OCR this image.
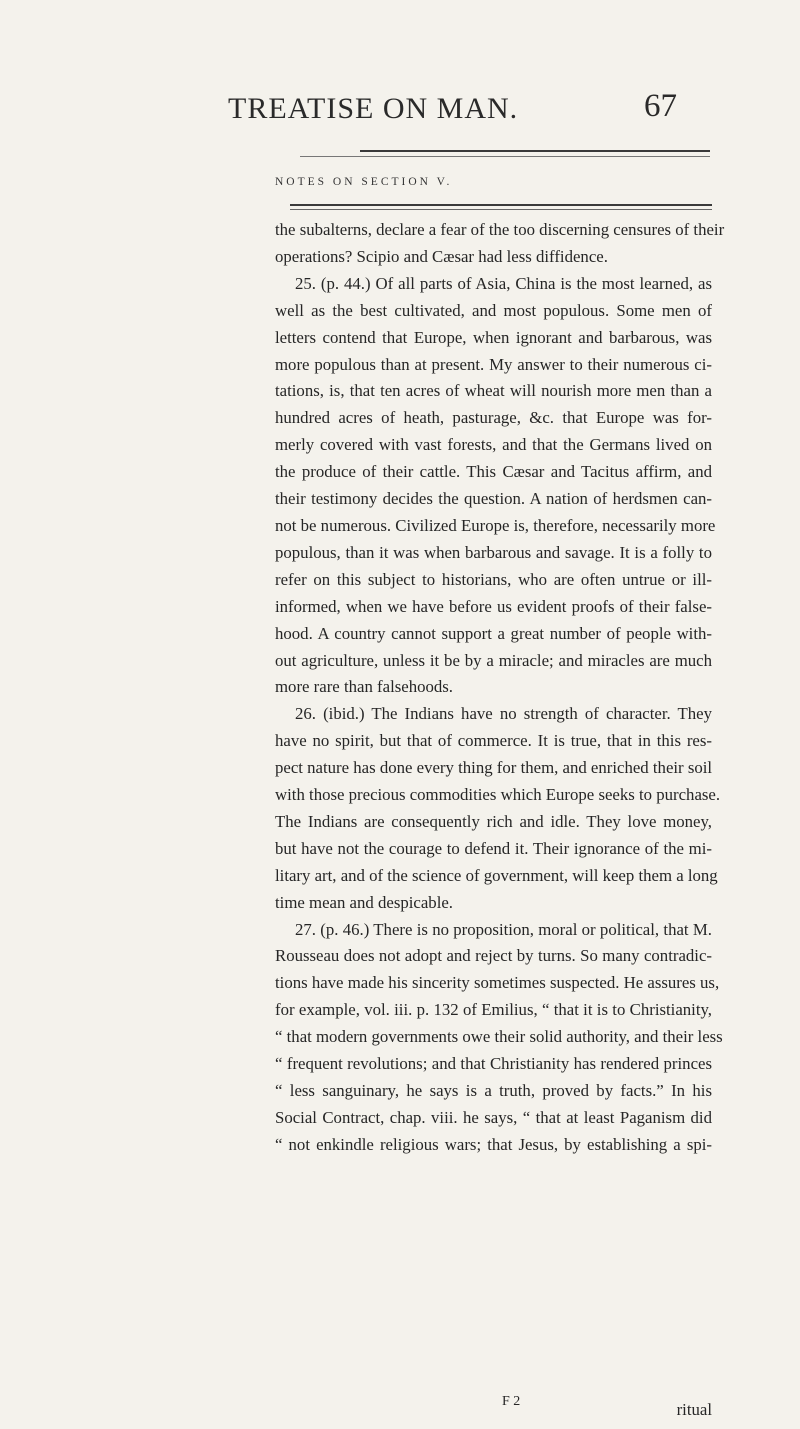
TREATISE ON MAN.	67
NOTES ON SECTION V.
the subalterns, declare a fear of the too discerning censures of their
operations? Scipio and Cæsar had less diffidence.
25. (p. 44.) Of all parts of Asia, China is the most learned, as
well as the best cultivated, and most populous. Some men of
letters contend that Europe, when ignorant and barbarous, was
more populous than at present. My answer to their numerous ci-
tations, is, that ten acres of wheat will nourish more men than a
hundred acres of heath, pasturage, &c. that Europe was for-
merly covered with vast forests, and that the Germans lived on
the produce of their cattle. This Cæsar and Tacitus affirm, and
their testimony decides the question. A nation of herdsmen can-
not be numerous. Civilized Europe is, therefore, necessarily more
populous, than it was when barbarous and savage. It is a folly to
refer on this subject to historians, who are often untrue or ill-
informed, when we have before us evident proofs of their false-
hood. A country cannot support a great number of people with-
out agriculture, unless it be by a miracle; and miracles are much
more rare than falsehoods.
26. (ibid.) The Indians have no strength of character. They
have no spirit, but that of commerce. It is true, that in this res-
pect nature has done every thing for them, and enriched their soil
with those precious commodities which Europe seeks to purchase.
The Indians are consequently rich and idle. They love money,
but have not the courage to defend it. Their ignorance of the mi-
litary art, and of the science of government, will keep them a long
time mean and despicable.
27. (p. 46.) There is no proposition, moral or political, that M.
Rousseau does not adopt and reject by turns. So many contradic-
tions have made his sincerity sometimes suspected. He assures us,
for example, vol. iii. p. 132 of Emilius, “ that it is to Christianity,
“ that modern governments owe their solid authority, and their less
“ frequent revolutions; and that Christianity has rendered princes
“ less sanguinary, he says is a truth, proved by facts.” In his
Social Contract, chap. viii. he says, “ that at least Paganism did
“ not enkindle religious wars; that Jesus, by establishing a spi-
F 2	ritual
